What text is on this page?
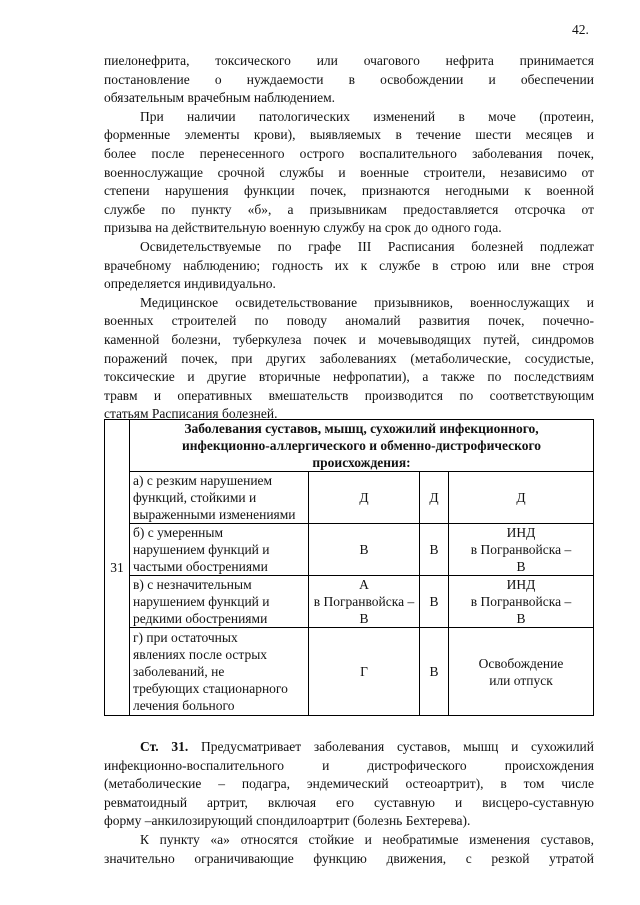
42.

пиелонефрита, токсического или очагового нефрита принимается
постановление о нуждаемости в освобождении и обеспечении
обязательным врачебным наблюдением.

При наличии патологических изменений в моче (протеин,
форменные элементы крови), выявляемых в течение шести месяцев и
более после перенесенного острого воспалительного заболевания почек,
военнослужащие срочной службы и военные строители, независимо от
степени нарушения функции почек, признаются негодными к военной
службе по пункту «б», а призывникам предоставляется отсрочка от
призыва на действительную военную службу на срок до одного года.

Освидетельствуемые по графе III Расписания болезней подлежат
врачебному наблюдению; годность их к службе в строю или вне строя
определяется индивидуально.

Медицинское освидетельствование призывников, военнослужащих и
военных строителей по поводу аномалий развития почек, почечно-
каменной болезни, туберкулеза почек и мочевыводящих путей, синдромов
поражений почек, при других заболеваниях (метаболические, сосудистые,
токсические и другие вторичные нефропатии), а также по последствиям
травм и оперативных вмешательств производится по соответствующим
статьям Расписания болезней.

31	Заболевания суставов, мышц, сухожилий инфекционного,
инфекционно-аллергического и обменно-дистрофического
происхождения:			

	а) с резким нарушением
функций, стойкими и
выраженными изменениями	Д	Д	Д

	б) с умеренным
нарушением функций и
частыми обострениями	В	В	ИНД
в Погранвойска –
В

	в) с незначительным
нарушением функций и
редкими обострениями	А
в Погранвойска –
В	В	ИНД
в Погранвойска –
В

	г) при остаточных
явлениях после острых
заболеваний, не
требующих стационарного
лечения больного	Г	В	Освобождение
или отпуск

Ст. 31. Предусматривает заболевания суставов, мышц и сухожилий
инфекционно-воспалительного и дистрофического происхождения
(метаболические – подагра, эндемический остеоартрит), в том числе
ревматоидный артрит, включая его суставную и висцеро-суставную
форму –анкилозирующий спондилоартрит (болезнь Бехтерева).

К пункту «а» относятся стойкие и необратимые изменения суставов,
значительно ограничивающие функцию движения, с резкой утратой
